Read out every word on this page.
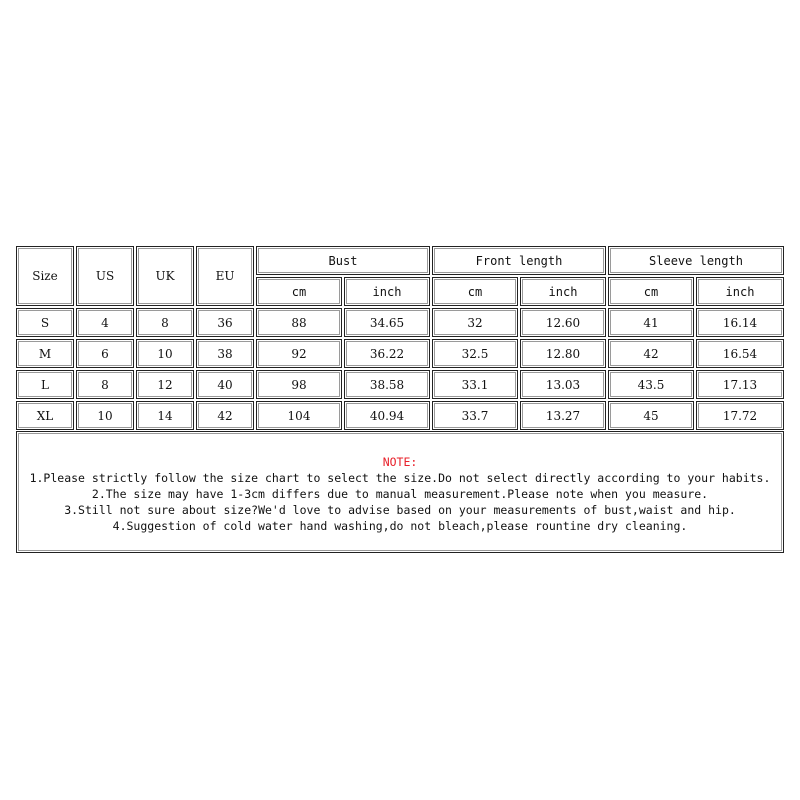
Size	US	UK	EU
Bust	Front length	Sleeve length
cm	inch	cm	inch	cm	inch
S	4	8	36	88	34.65	32	12.60	41	16.14
M	6	10	38	92	36.22	32.5	12.80	42	16.54
L	8	12	40	98	38.58	33.1	13.03	43.5	17.13
XL	10	14	42	104	40.94	33.7	13.27	45	17.72
NOTE:
1.Please strictly follow the size chart to select the size.Do not select directly according to your habits.
2.The size may have 1-3cm differs due to manual measurement.Please note when you measure.
3.Still not sure about size?We'd love to advise based on your measurements of bust,waist and hip.
4.Suggestion of cold water hand washing,do not bleach,please rountine dry cleaning.
